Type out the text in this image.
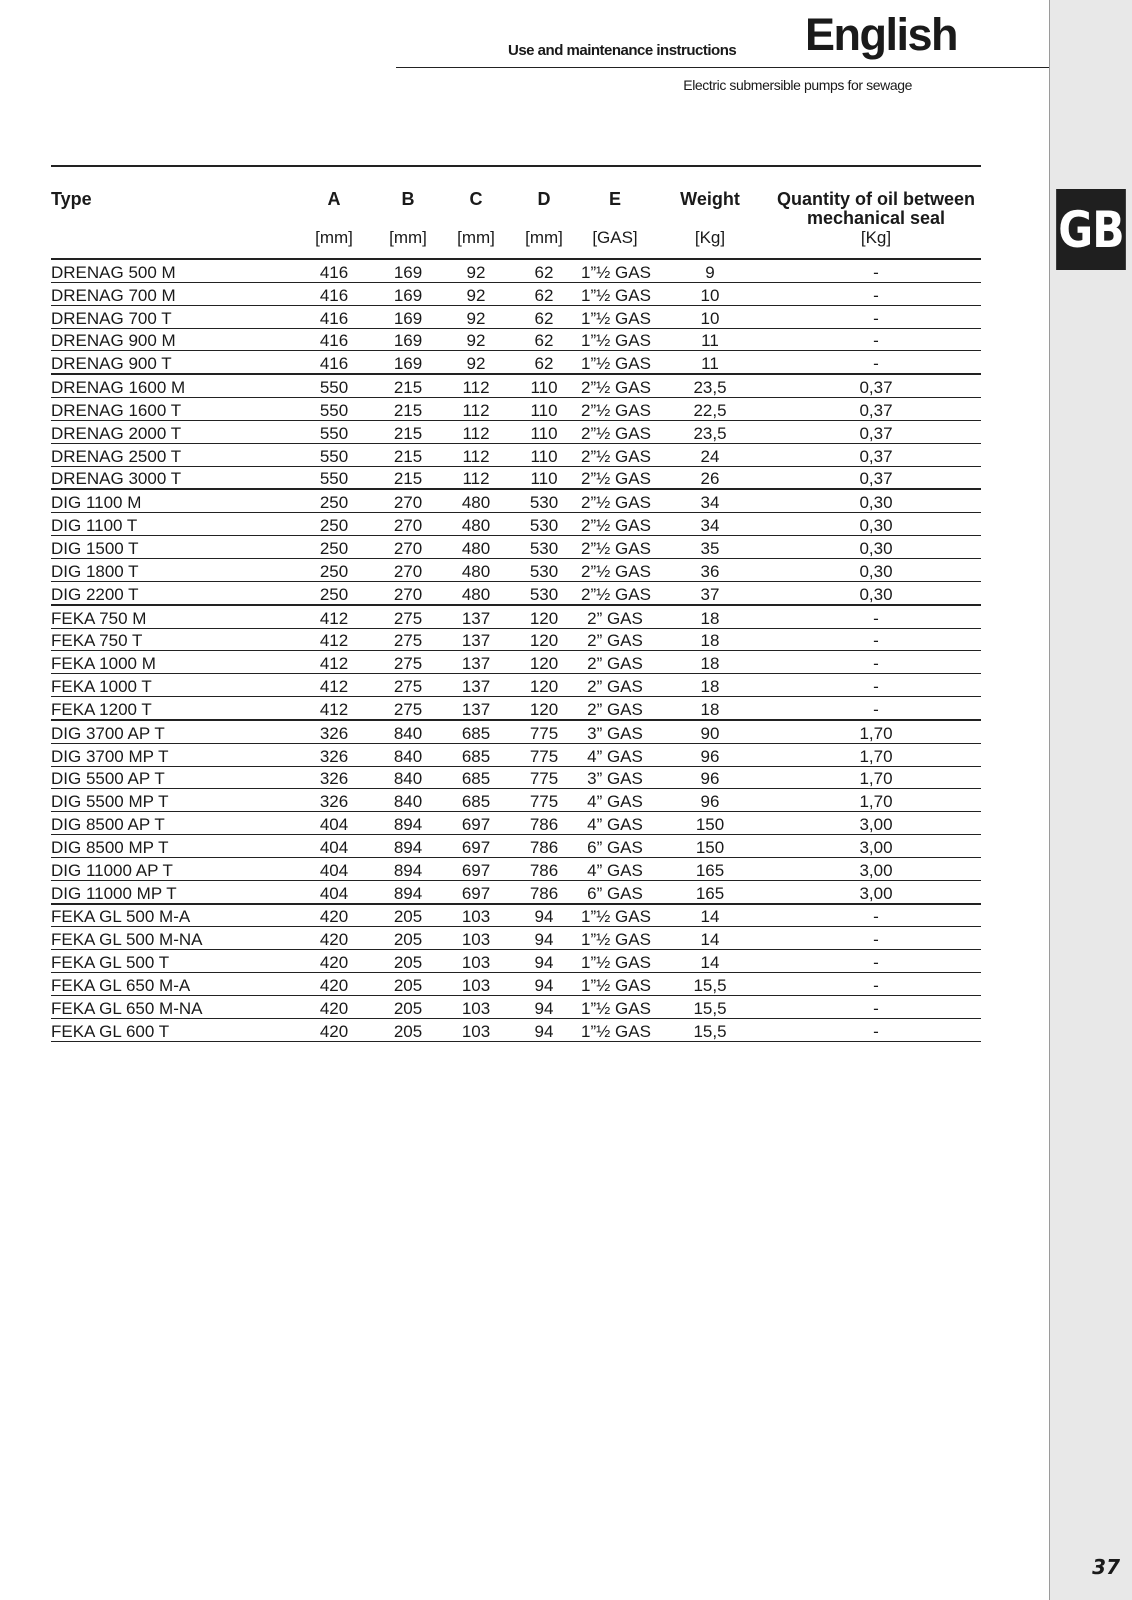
Use and maintenance instructions English
Electric submersible pumps for sewage
Type	A	B	C	D	E	Weight	Quantity of oil between mechanical seal
	[mm]	[mm]	[mm]	[mm]	[GAS]	[Kg]	[Kg]
DRENAG 500 M	416	169	92	62	1”½ GAS	9	-
DRENAG 700 M	416	169	92	62	1”½ GAS	10	-
DRENAG 700 T	416	169	92	62	1”½ GAS	10	-
DRENAG 900 M	416	169	92	62	1”½ GAS	11	-
DRENAG 900 T	416	169	92	62	1”½ GAS	11	-
DRENAG 1600 M	550	215	112	110	2”½ GAS	23,5	0,37
DRENAG 1600 T	550	215	112	110	2”½ GAS	22,5	0,37
DRENAG 2000 T	550	215	112	110	2”½ GAS	23,5	0,37
DRENAG 2500 T	550	215	112	110	2”½ GAS	24	0,37
DRENAG 3000 T	550	215	112	110	2”½ GAS	26	0,37
DIG 1100 M	250	270	480	530	2”½ GAS	34	0,30
DIG 1100 T	250	270	480	530	2”½ GAS	34	0,30
DIG 1500 T	250	270	480	530	2”½ GAS	35	0,30
DIG 1800 T	250	270	480	530	2”½ GAS	36	0,30
DIG 2200 T	250	270	480	530	2”½ GAS	37	0,30
FEKA 750 M	412	275	137	120	2” GAS	18	-
FEKA 750 T	412	275	137	120	2” GAS	18	-
FEKA 1000 M	412	275	137	120	2” GAS	18	-
FEKA 1000 T	412	275	137	120	2” GAS	18	-
FEKA 1200 T	412	275	137	120	2” GAS	18	-
DIG 3700 AP T	326	840	685	775	3” GAS	90	1,70
DIG 3700 MP T	326	840	685	775	4” GAS	96	1,70
DIG 5500 AP T	326	840	685	775	3” GAS	96	1,70
DIG 5500 MP T	326	840	685	775	4” GAS	96	1,70
DIG 8500 AP T	404	894	697	786	4” GAS	150	3,00
DIG 8500 MP T	404	894	697	786	6” GAS	150	3,00
DIG 11000 AP T	404	894	697	786	4” GAS	165	3,00
DIG 11000 MP T	404	894	697	786	6” GAS	165	3,00
FEKA GL 500 M-A	420	205	103	94	1”½ GAS	14	-
FEKA GL 500 M-NA	420	205	103	94	1”½ GAS	14	-
FEKA GL 500 T	420	205	103	94	1”½ GAS	14	-
FEKA GL 650 M-A	420	205	103	94	1”½ GAS	15,5	-
FEKA GL 650 M-NA	420	205	103	94	1”½ GAS	15,5	-
FEKA GL 600 T	420	205	103	94	1”½ GAS	15,5	-
GB
37
